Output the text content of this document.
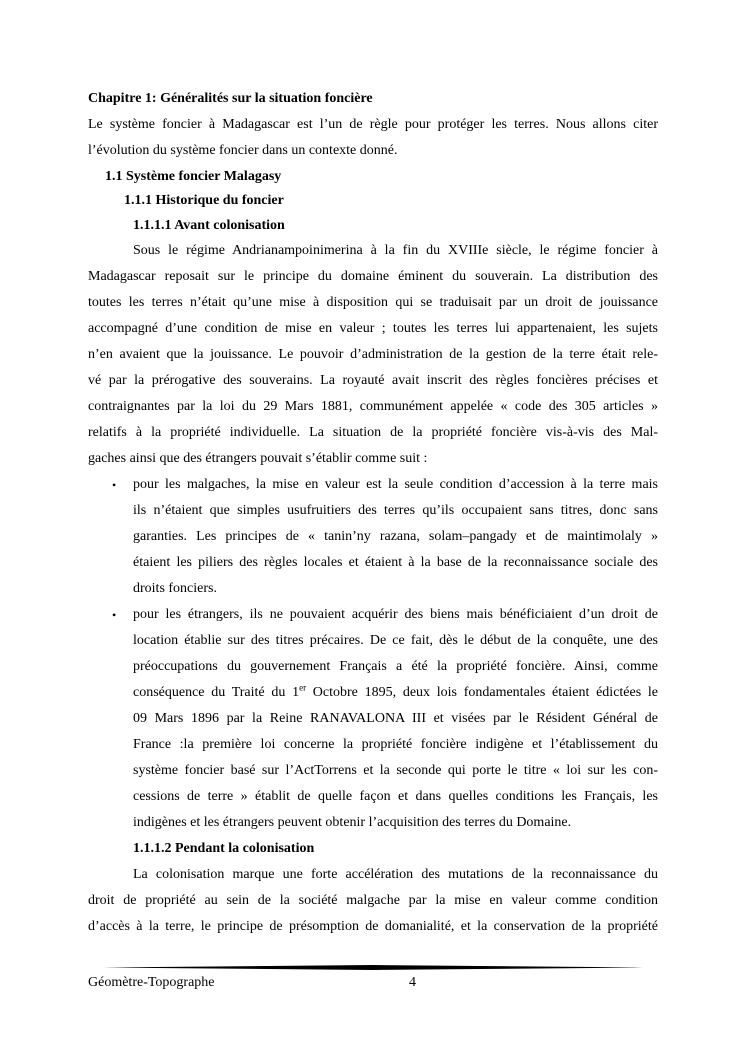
Chapitre 1: Généralités sur la situation foncière
Le système foncier à Madagascar est l’un de règle pour protéger les terres. Nous allons citer
l’évolution du système foncier dans un contexte donné.
1.1 Système foncier Malagasy
1.1.1 Historique du foncier
1.1.1.1 Avant colonisation
Sous le régime Andrianampoinimerina à la fin du XVIIIe siècle, le régime foncier à
Madagascar reposait sur le principe du domaine éminent du souverain. La distribution des
toutes les terres n’était qu’une mise à disposition qui se traduisait par un droit de jouissance
accompagné d’une condition de mise en valeur ; toutes les terres lui appartenaient, les sujets
n’en avaient que la jouissance. Le pouvoir d’administration de la gestion de la terre était rele-
vé par la prérogative des souverains. La royauté avait inscrit des règles foncières précises et
contraignantes par la loi du 29 Mars 1881, communément appelée « code des 305 articles »
relatifs à la propriété individuelle. La situation de la propriété foncière vis-à-vis des Mal-
gaches ainsi que des étrangers pouvait s’établir comme suit :
• pour les malgaches, la mise en valeur est la seule condition d’accession à la terre mais
ils n’étaient que simples usufruitiers des terres qu’ils occupaient sans titres, donc sans
garanties. Les principes de « tanin’ny razana, solam–pangady et de maintimolaly »
étaient les piliers des règles locales et étaient à la base de la reconnaissance sociale des
droits fonciers.
• pour les étrangers, ils ne pouvaient acquérir des biens mais bénéficiaient d’un droit de
location établie sur des titres précaires. De ce fait, dès le début de la conquête, une des
préoccupations du gouvernement Français a été la propriété foncière. Ainsi, comme
conséquence du Traité du 1er Octobre 1895, deux lois fondamentales étaient édictées le
09 Mars 1896 par la Reine RANAVALONA III et visées par le Résident Général de
France :la première loi concerne la propriété foncière indigène et l’établissement du
système foncier basé sur l’ActTorrens et la seconde qui porte le titre « loi sur les con-
cessions de terre » établit de quelle façon et dans quelles conditions les Français, les
indigènes et les étrangers peuvent obtenir l’acquisition des terres du Domaine.
1.1.1.2 Pendant la colonisation
La colonisation marque une forte accélération des mutations de la reconnaissance du
droit de propriété au sein de la société malgache par la mise en valeur comme condition
d’accès à la terre, le principe de présomption de domanialité, et la conservation de la propriété
Géomètre-Topographe	4
